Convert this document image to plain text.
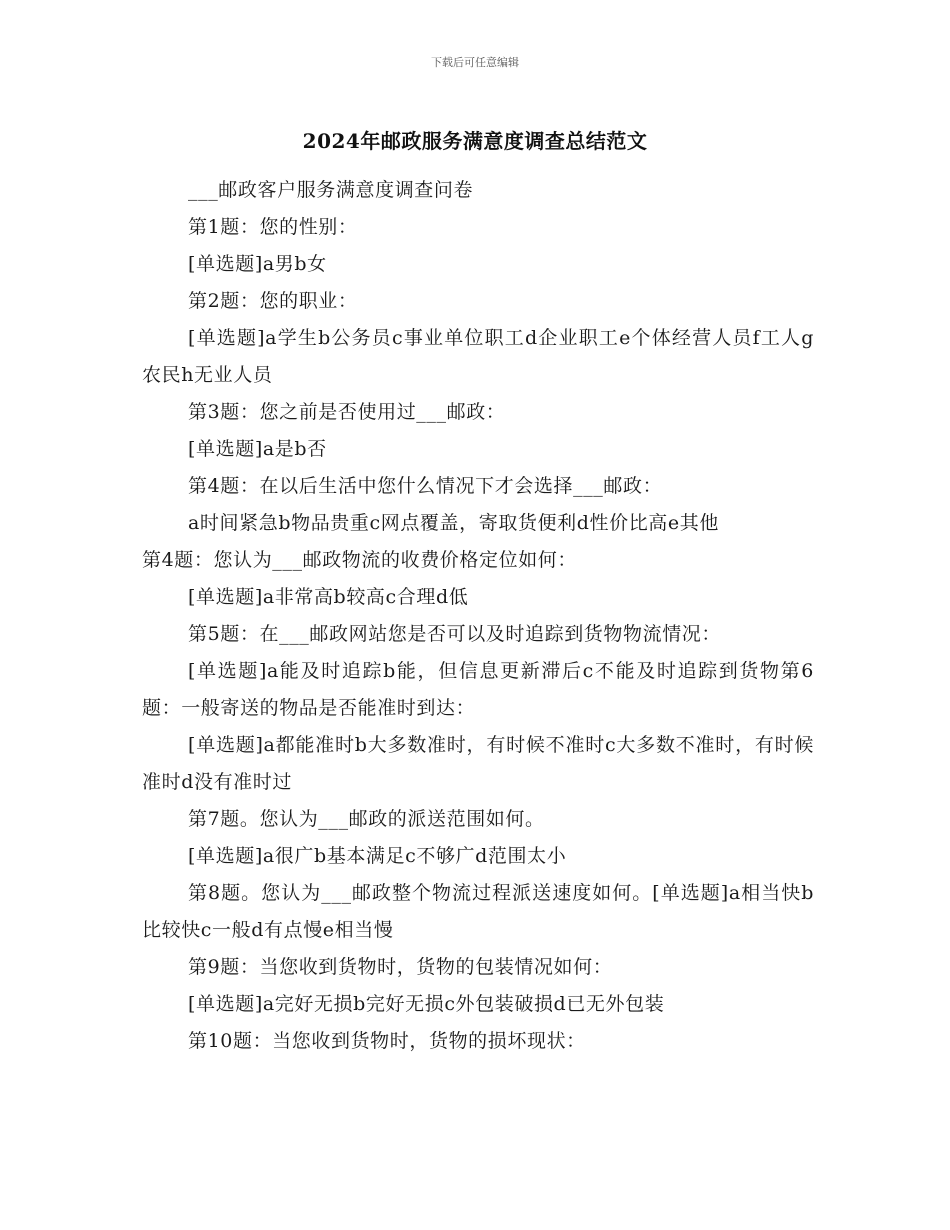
下载后可任意编辑
2024年邮政服务满意度调查总结范文

___邮政客户服务满意度调查问卷

第1题：您的性别：

[单选题]a男b女

第2题：您的职业：

[单选题]a学生b公务员c事业单位职工d企业职工e个体经营人员f工人g农民h无业人员

第3题：您之前是否使用过___邮政：

[单选题]a是b否

第4题：在以后生活中您什么情况下才会选择___邮政：

a时间紧急b物品贵重c网点覆盖，寄取货便利d性价比高e其他

第4题：您认为___邮政物流的收费价格定位如何：

[单选题]a非常高b较高c合理d低

第5题：在___邮政网站您是否可以及时追踪到货物物流情况：

[单选题]a能及时追踪b能，但信息更新滞后c不能及时追踪到货物第6题：一般寄送的物品是否能准时到达：

[单选题]a都能准时b大多数准时，有时候不准时c大多数不准时，有时候准时d没有准时过

第7题。您认为___邮政的派送范围如何。

[单选题]a很广b基本满足c不够广d范围太小

第8题。您认为___邮政整个物流过程派送速度如何。[单选题]a相当快b比较快c一般d有点慢e相当慢

第9题：当您收到货物时，货物的包装情况如何：

[单选题]a完好无损b完好无损c外包装破损d已无外包装

第10题：当您收到货物时，货物的损坏现状：
